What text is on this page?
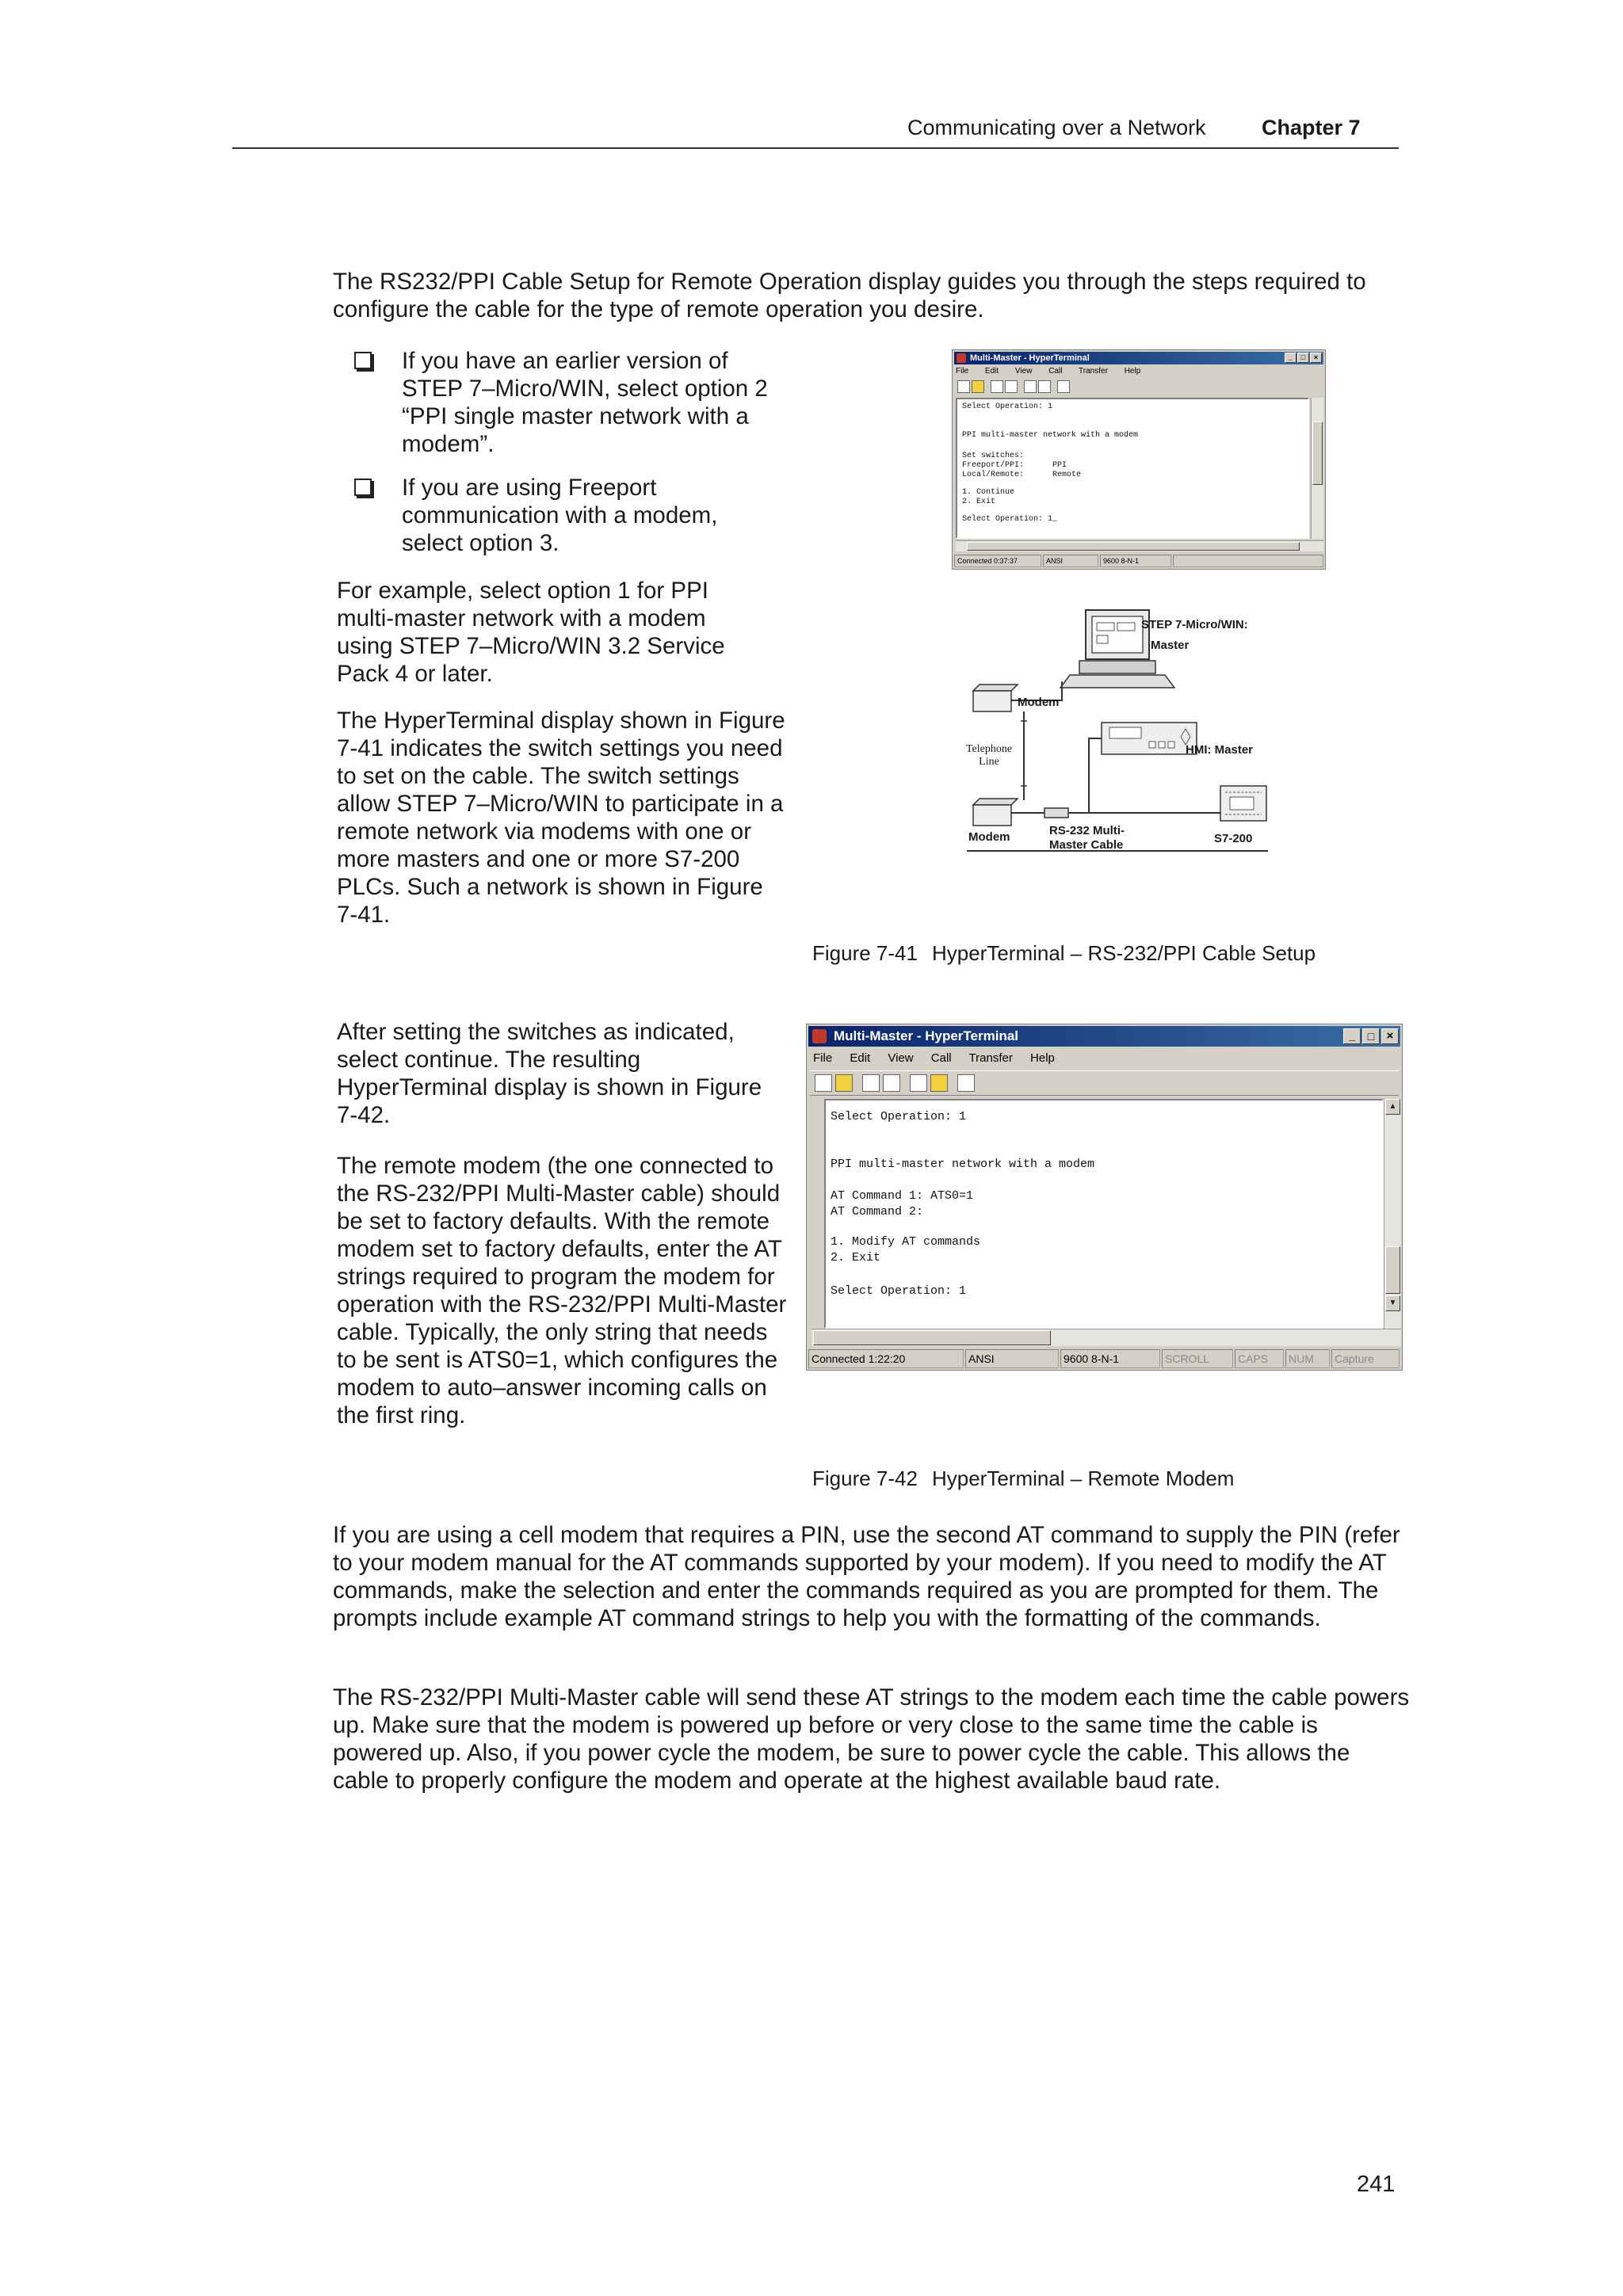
Communicating over a Network	Chapter 7

The RS232/PPI Cable Setup for Remote Operation display guides you through the steps required to configure the cable for the type of remote operation you desire.

If you have an earlier version of STEP 7–Micro/WIN, select option 2 “PPI single master network with a modem”.
If you are using Freeport communication with a modem, select option 3.

For example, select option 1 for PPI multi-master network with a modem using STEP 7–Micro/WIN 3.2 Service Pack 4 or later.

The HyperTerminal display shown in Figure 7-41 indicates the switch settings you need to set on the cable. The switch settings allow STEP 7–Micro/WIN to participate in a remote network via modems with one or more masters and one or more S7-200 PLCs. Such a network is shown in Figure 7-41.

Multi-Master - HyperTerminal	_	□	×
File Edit View Call Transfer Help
Select Operation: 1
PPI multi-master network with a modem
Set switches:
Freeport/PPI:      PPI
Local/Remote:      Remote
1. Continue
2. Exit
Select Operation: 1_
Connected 0:37:37	ANSI	9600 8-N-1
STEP 7-Micro/WIN:
Master
Modem
Telephone
Line
HMI: Master
Modem	RS-232 Multi-
Master Cable	S7-200
Figure 7-41 HyperTerminal – RS-232/PPI Cable Setup

After setting the switches as indicated, select continue. The resulting HyperTerminal display is shown in Figure 7-42.

The remote modem (the one connected to the RS-232/PPI Multi-Master cable) should be set to factory defaults. With the remote modem set to factory defaults, enter the AT strings required to program the modem for operation with the RS-232/PPI Multi-Master cable. Typically, the only string that needs to be sent is ATS0=1, which configures the modem to auto–answer incoming calls on the first ring.

Multi-Master - HyperTerminal	_	□	×
File Edit View Call Transfer Help
Select Operation: 1
PPI multi-master network with a modem
AT Command 1: ATS0=1
AT Command 2:
1. Modify AT commands
2. Exit
Select Operation: 1
▲
▼
Connected 1:22:20	ANSI	9600 8-N-1	SCROLL	CAPS	NUM	Capture
Figure 7-42 HyperTerminal – Remote Modem

If you are using a cell modem that requires a PIN, use the second AT command to supply the PIN (refer to your modem manual for the AT commands supported by your modem). If you need to modify the AT commands, make the selection and enter the commands required as you are prompted for them. The prompts include example AT command strings to help you with the formatting of the commands.

The RS-232/PPI Multi-Master cable will send these AT strings to the modem each time the cable powers up. Make sure that the modem is powered up before or very close to the same time the cable is powered up. Also, if you power cycle the modem, be sure to power cycle the cable. This allows the cable to properly configure the modem and operate at the highest available baud rate.

241
